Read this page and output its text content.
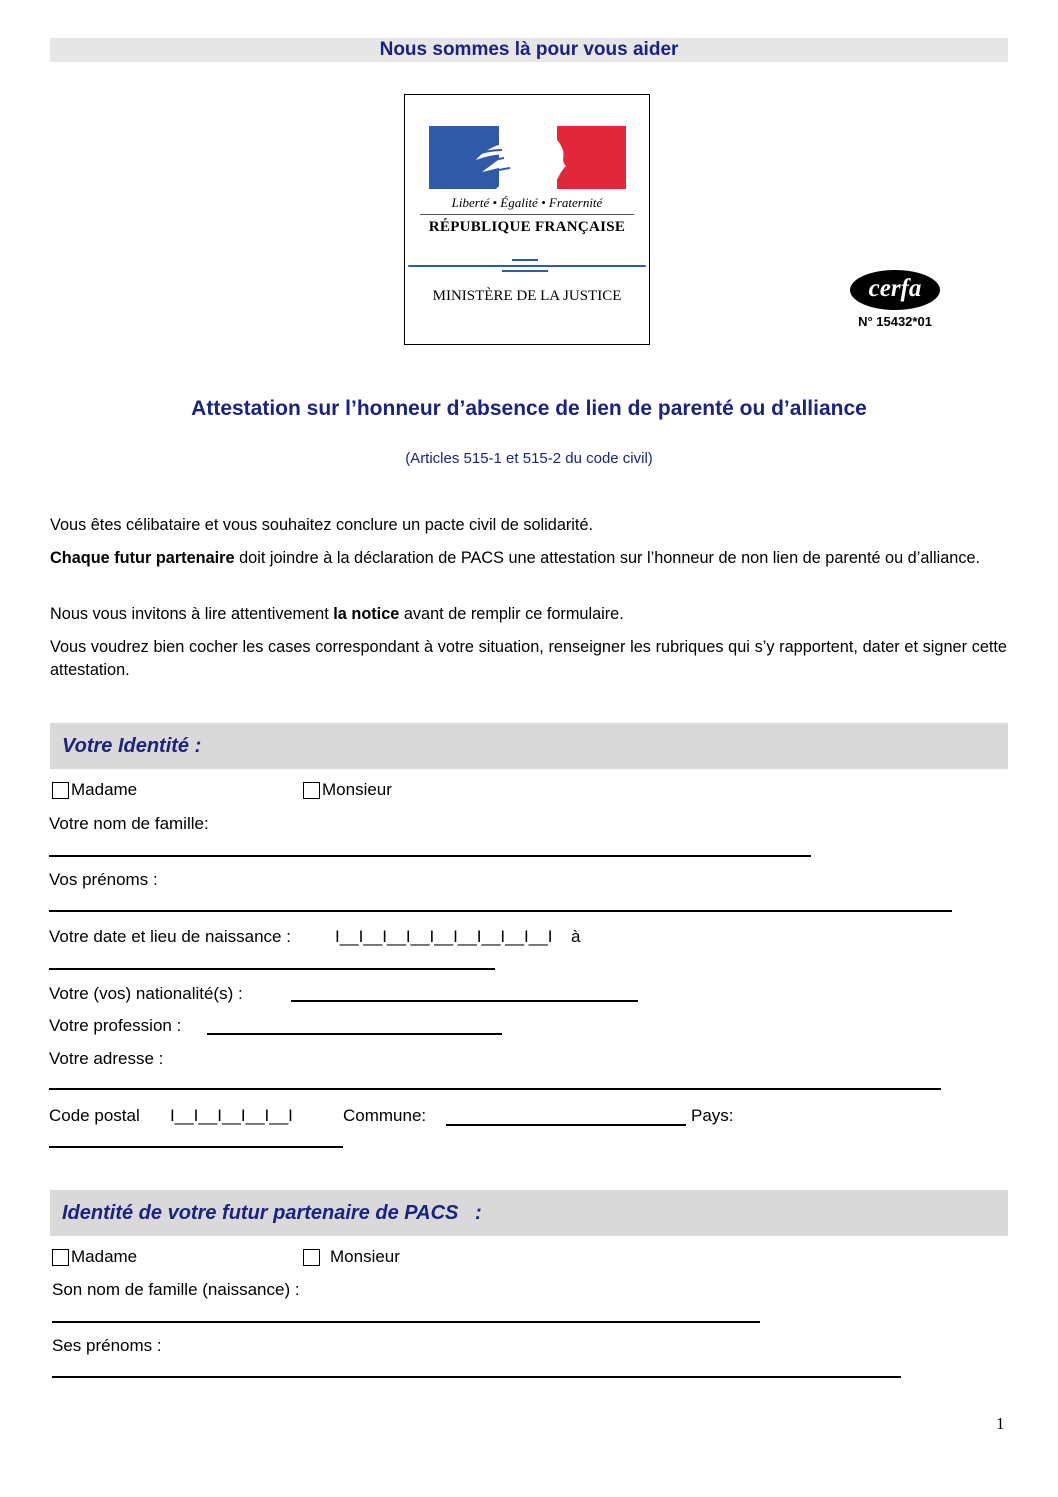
Nous sommes là pour vous aider
Liberté • Égalité • Fraternité
RÉPUBLIQUE FRANÇAISE
MINISTÈRE DE LA JUSTICE	cerfa
N° 15432*01
Attestation sur l’honneur d’absence de lien de parenté ou d’alliance
(Articles 515-1 et 515-2 du code civil)
Vous êtes célibataire et vous souhaitez conclure un pacte civil de solidarité.
Chaque futur partenaire doit joindre à la déclaration de PACS une attestation sur l’honneur de non lien de parenté ou d’alliance.
Nous vous invitons à lire attentivement la notice avant de remplir ce formulaire.
Vous voudrez bien cocher les cases correspondant à votre situation, renseigner les rubriques qui s’y rapportent, dater et signer cette attestation.
Votre Identité :
Madame	Monsieur
Votre nom de famille:
Vos prénoms :
Votre date et lieu de naissance :	I__I__I__I__I__I__I__I__I__I à
Votre (vos) nationalité(s) :
Votre profession :
Votre adresse :
Code postal I__I__I__I__I__I	Commune:	Pays:
Identité de votre futur partenaire de PACS   :
Madame	Monsieur
Son nom de famille (naissance) :
Ses prénoms :
1
